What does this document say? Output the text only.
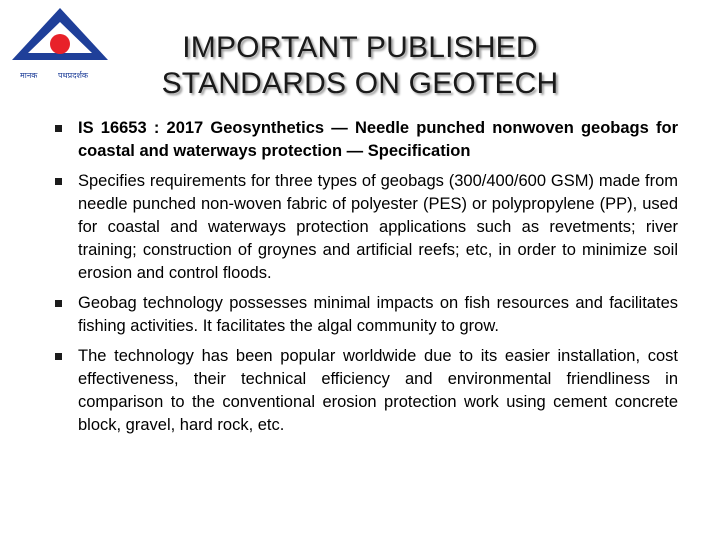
मानक	पथप्रदर्शक
IMPORTANT PUBLISHED
STANDARDS ON GEOTECH
IS 16653 : 2017 Geosynthetics — Needle punched nonwoven geobags for coastal and waterways protection — Specification
Specifies requirements for three types of geobags (300/400/600 GSM) made from needle punched non-woven fabric of polyester (PES) or polypropylene (PP), used for coastal and waterways protection applications such as revetments; river training; construction of groynes and artificial reefs; etc, in order to minimize soil erosion and control floods.
Geobag technology possesses minimal impacts on fish resources and facilitates fishing activities. It facilitates the algal community to grow.
The technology has been popular worldwide due to its easier installation, cost effectiveness, their technical efficiency and environmental friendliness in comparison to the conventional erosion protection work using cement concrete block, gravel, hard rock, etc.
